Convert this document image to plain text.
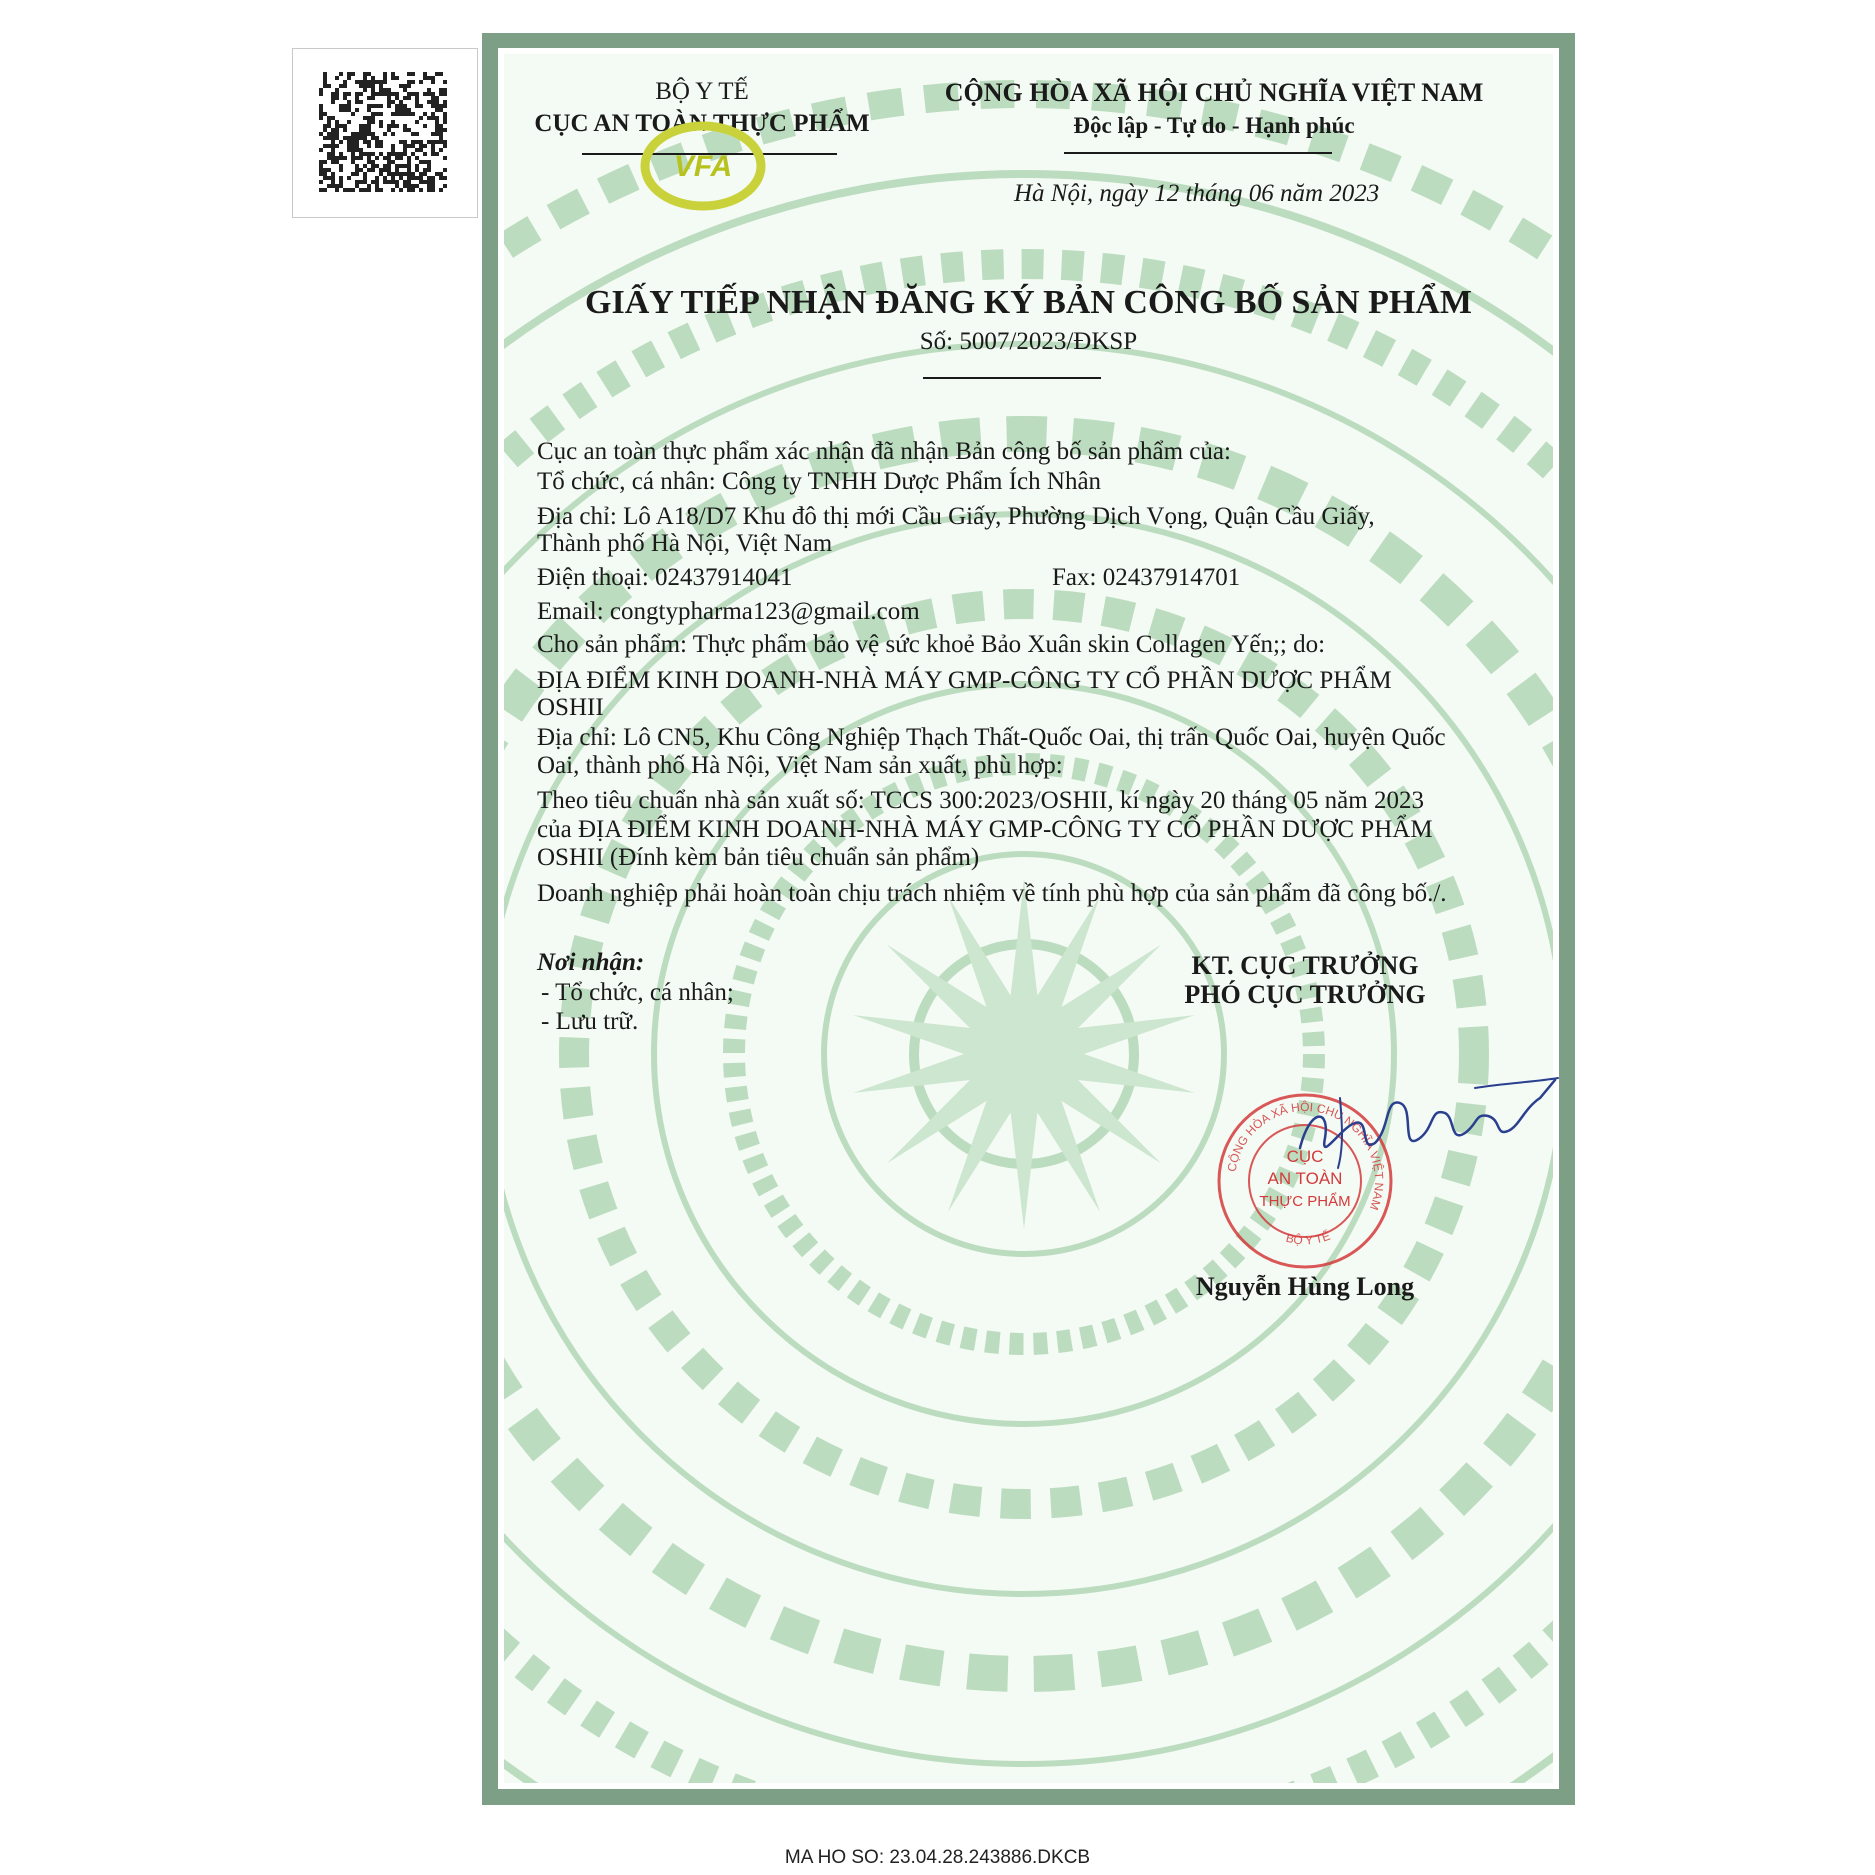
BỘ Y TẾ
CỤC AN TOÀN THỰC PHẨM
VFA
CỘNG HÒA XÃ HỘI CHỦ NGHĨA VIỆT NAM
Độc lập - Tự do - Hạnh phúc
Hà Nội, ngày 12 tháng 06 năm 2023
GIẤY TIẾP NHẬN ĐĂNG KÝ BẢN CÔNG BỐ SẢN PHẨM
Số: 5007/2023/ĐKSP
Cục an toàn thực phẩm xác nhận đã nhận Bản công bố sản phẩm của:
Tổ chức, cá nhân: Công ty TNHH Dược Phẩm Ích Nhân
Địa chỉ: Lô A18/D7 Khu đô thị mới Cầu Giấy, Phường Dịch Vọng, Quận Cầu Giấy,
Thành phố Hà Nội, Việt Nam
Điện thoại: 02437914041	Fax: 02437914701
Email: congtypharma123@gmail.com
Cho sản phẩm: Thực phẩm bảo vệ sức khoẻ Bảo Xuân skin Collagen Yến;; do:
ĐỊA ĐIỂM KINH DOANH-NHÀ MÁY GMP-CÔNG TY CỔ PHẦN DƯỢC PHẨM
OSHII
Địa chỉ: Lô CN5, Khu Công Nghiệp Thạch Thất-Quốc Oai, thị trấn Quốc Oai, huyện Quốc
Oai, thành phố Hà Nội, Việt Nam sản xuất, phù hợp:
Theo tiêu chuẩn nhà sản xuất số: TCCS 300:2023/OSHII, kí ngày 20 tháng 05 năm 2023
của ĐỊA ĐIỂM KINH DOANH-NHÀ MÁY GMP-CÔNG TY CỔ PHẦN DƯỢC PHẨM
OSHII (Đính kèm bản tiêu chuẩn sản phẩm)
Doanh nghiệp phải hoàn toàn chịu trách nhiệm về tính phù hợp của sản phẩm đã công bố./.
Nơi nhận:
- Tổ chức, cá nhân;
- Lưu trữ.
KT. CỤC TRƯỞNG
PHÓ CỤC TRƯỞNG
CỘNG HÒA XÃ HỘI CHỦ NGHĨA VIỆT NAM
BỘ Y TẾ
CỤC
AN TOÀN
THỰC PHẨM
Nguyễn Hùng Long
MA HO SO: 23.04.28.243886.DKCB
